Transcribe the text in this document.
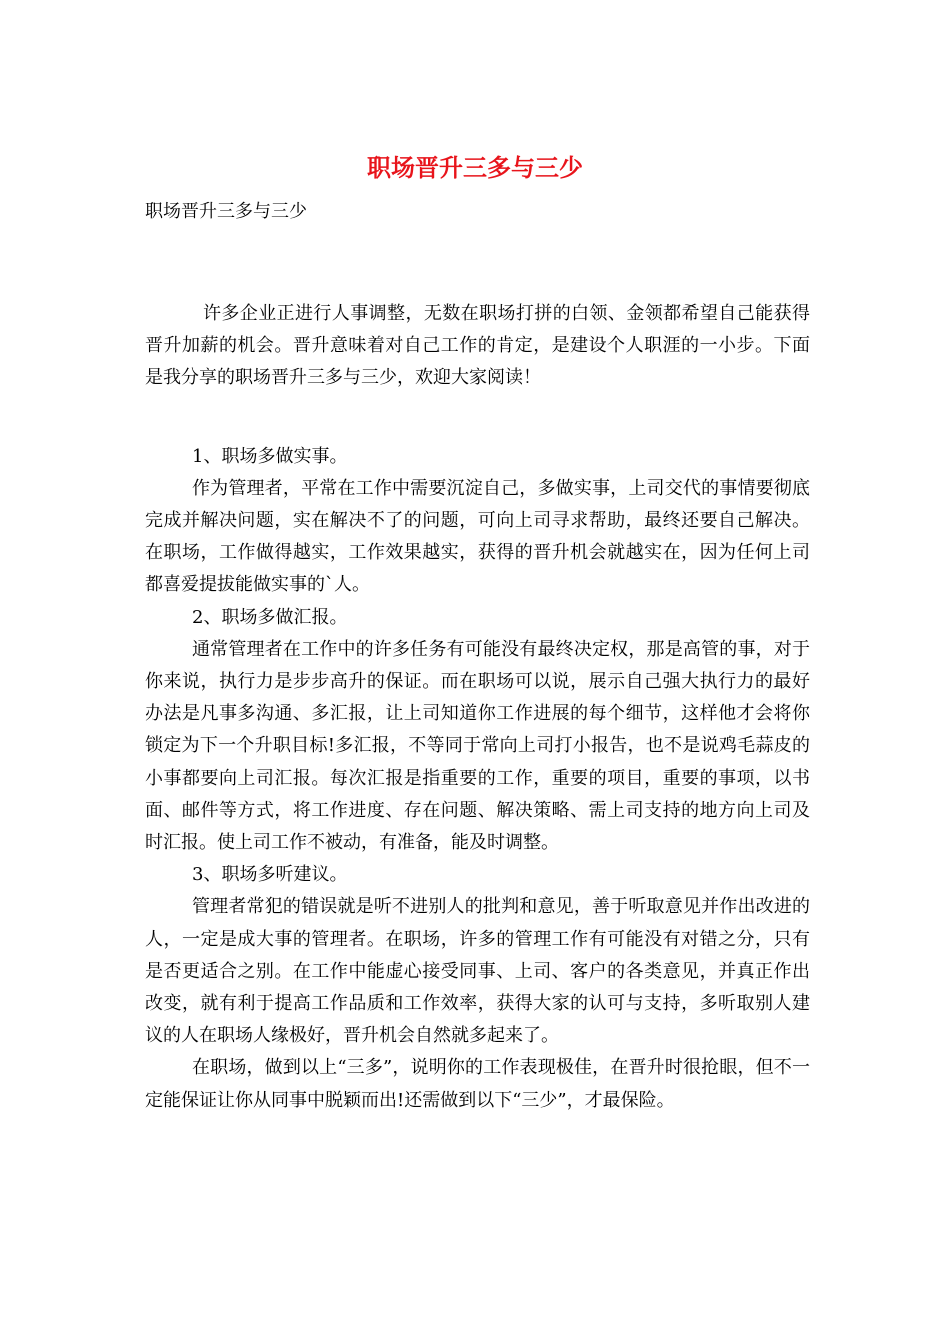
职场晋升三多与三少

职场晋升三多与三少

许多企业正进行人事调整，无数在职场打拼的白领、金领都希望自己能获得晋升加薪的机会。晋升意味着对自己工作的肯定，是建设个人职涯的一小步。下面是我分享的职场晋升三多与三少，欢迎大家阅读！

1、职场多做实事。

作为管理者，平常在工作中需要沉淀自己，多做实事，上司交代的事情要彻底完成并解决问题，实在解决不了的问题，可向上司寻求帮助，最终还要自己解决。在职场，工作做得越实，工作效果越实，获得的晋升机会就越实在，因为任何上司都喜爱提拔能做实事的`人。

2、职场多做汇报。

通常管理者在工作中的许多任务有可能没有最终决定权，那是高管的事，对于你来说，执行力是步步高升的保证。而在职场可以说，展示自己强大执行力的最好办法是凡事多沟通、多汇报，让上司知道你工作进展的每个细节，这样他才会将你锁定为下一个升职目标!多汇报，不等同于常向上司打小报告，也不是说鸡毛蒜皮的小事都要向上司汇报。每次汇报是指重要的工作，重要的项目，重要的事项，以书面、邮件等方式，将工作进度、存在问题、解决策略、需上司支持的地方向上司及时汇报。使上司工作不被动，有准备，能及时调整。

3、职场多听建议。

管理者常犯的错误就是听不进别人的批判和意见，善于听取意见并作出改进的人，一定是成大事的管理者。在职场，许多的管理工作有可能没有对错之分，只有是否更适合之别。在工作中能虚心接受同事、上司、客户的各类意见，并真正作出改变，就有利于提高工作品质和工作效率，获得大家的认可与支持，多听取别人建议的人在职场人缘极好，晋升机会自然就多起来了。

在职场，做到以上“三多”，说明你的工作表现极佳，在晋升时很抢眼，但不一定能保证让你从同事中脱颖而出!还需做到以下“三少”，才最保险。
